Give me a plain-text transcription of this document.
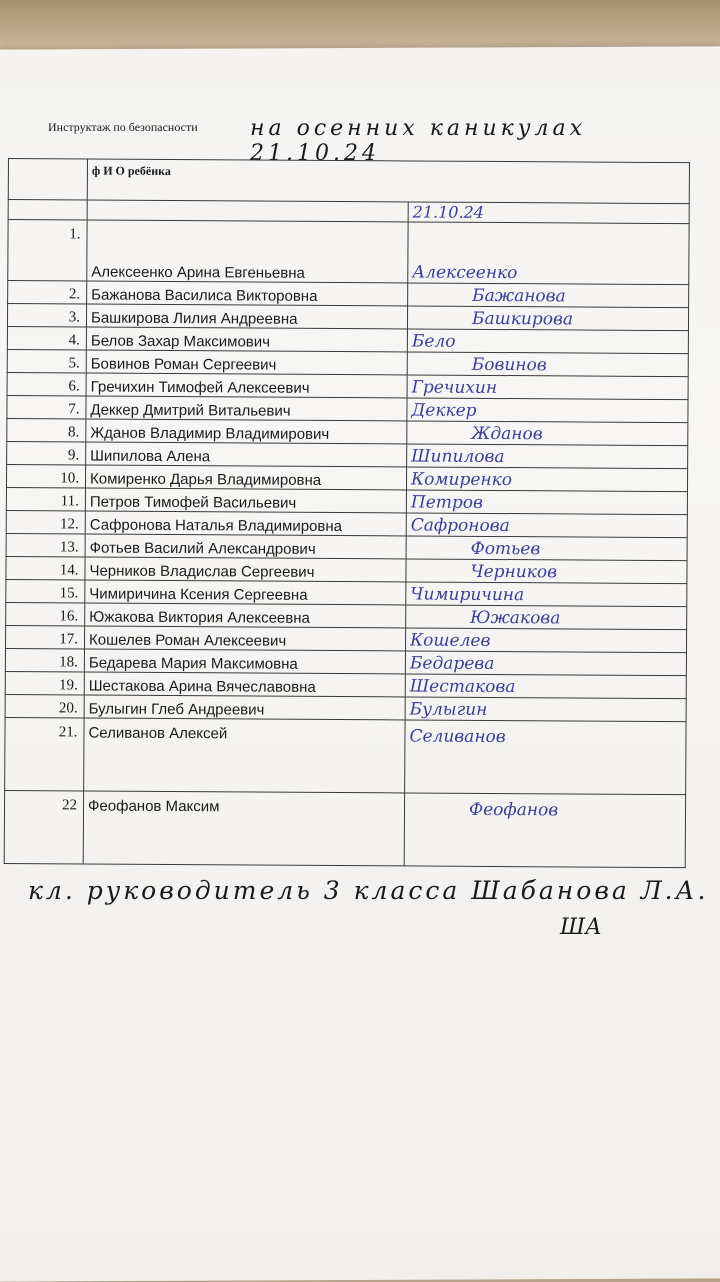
Инструктаж по безопасности на осенних каникулах 21.10.24
	ф И О ребёнка	
		21.10.24
1.	Алексеенко Арина Евгеньевна	Алексеенко
2.	Бажанова Василиса Викторовна	Бажанова
3.	Башкирова Лилия Андреевна	Башкирова
4.	Белов Захар Максимович	Бело
5.	Бовинов Роман Сергеевич	Бовинов
6.	Гречихин Тимофей Алексеевич	Гречихин
7.	Деккер Дмитрий Витальевич	Деккер
8.	Жданов Владимир Владимирович	Жданов
9.	Шипилова Алена	Шипилова
10.	Комиренко Дарья Владимировна	Комиренко
11.	Петров Тимофей Васильевич	Петров
12.	Сафронова Наталья Владимировна	Сафронова
13.	Фотьев Василий Александрович	Фотьев
14.	Черников Владислав Сергеевич	Черников
15.	Чимиричина Ксения Сергеевна	Чимиричина
16.	Южакова Виктория Алексеевна	Южакова
17.	Кошелев Роман Алексеевич	Кошелев
18.	Бедарева Мария Максимовна	Бедарева
19.	Шестакова Арина Вячеславовна	Шестакова
20.	Булыгин Глеб Андреевич	Булыгин
21.	Селиванов Алексей	Селиванов
22	Феофанов Максим	Феофанов
кл. руководитель 3 класса Шабанова Л.А.
ША
